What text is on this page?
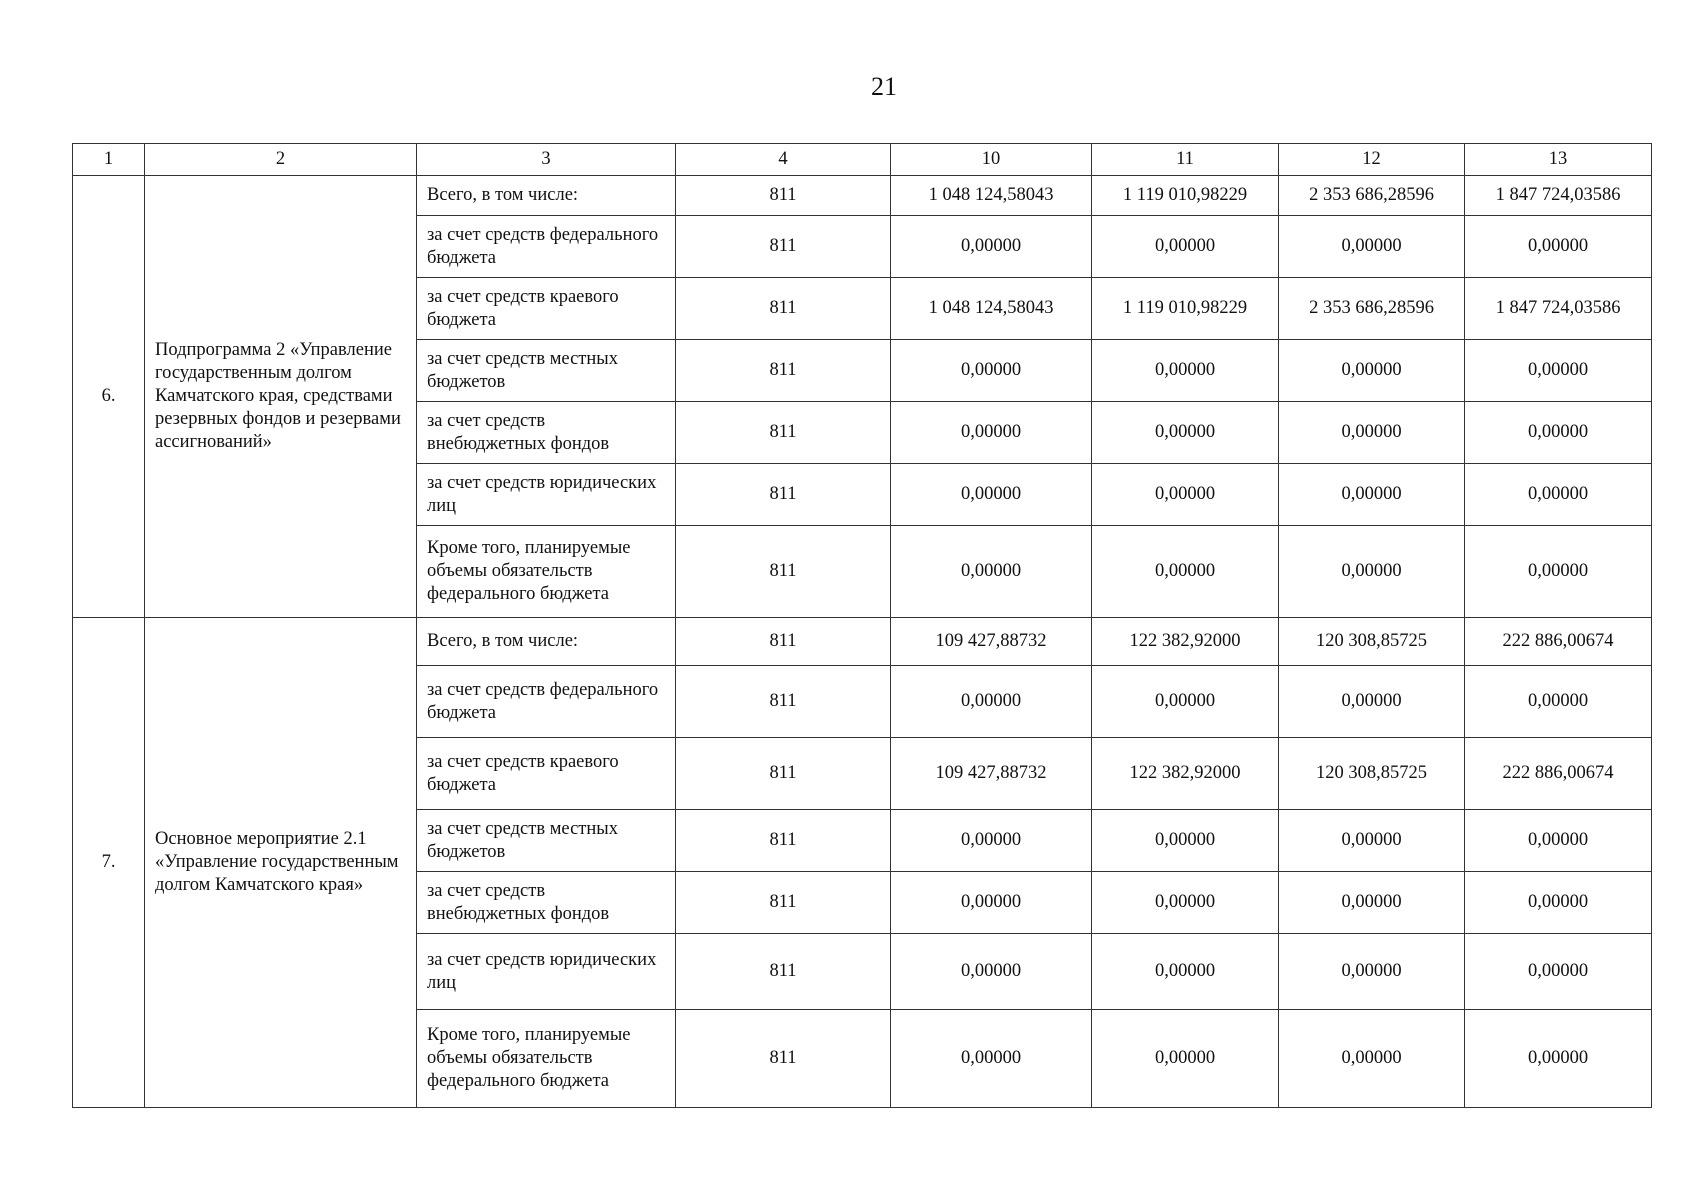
21
1	2	3	4	10	11	12	13
6.	Подпрограмма 2 «Управление государственным долгом Камчатского края, средствами резервных фондов и резервами ассигнований»	Всего, в том числе:	811	1 048 124,58043	1 119 010,98229	2 353 686,28596	1 847 724,03586
		за счет средств федерального бюджета	811	0,00000	0,00000	0,00000	0,00000
		за счет средств краевого бюджета	811	1 048 124,58043	1 119 010,98229	2 353 686,28596	1 847 724,03586
		за счет средств местных бюджетов	811	0,00000	0,00000	0,00000	0,00000
		за счет средств внебюджетных фондов	811	0,00000	0,00000	0,00000	0,00000
		за счет средств юридических лиц	811	0,00000	0,00000	0,00000	0,00000
		Кроме того, планируемые объемы обязательств федерального бюджета	811	0,00000	0,00000	0,00000	0,00000
7.	Основное мероприятие 2.1 «Управление государственным долгом Камчатского края»	Всего, в том числе:	811	109 427,88732	122 382,92000	120 308,85725	222 886,00674
		за счет средств федерального бюджета	811	0,00000	0,00000	0,00000	0,00000
		за счет средств краевого бюджета	811	109 427,88732	122 382,92000	120 308,85725	222 886,00674
		за счет средств местных бюджетов	811	0,00000	0,00000	0,00000	0,00000
		за счет средств внебюджетных фондов	811	0,00000	0,00000	0,00000	0,00000
		за счет средств юридических лиц	811	0,00000	0,00000	0,00000	0,00000
		Кроме того, планируемые объемы обязательств федерального бюджета	811	0,00000	0,00000	0,00000	0,00000
